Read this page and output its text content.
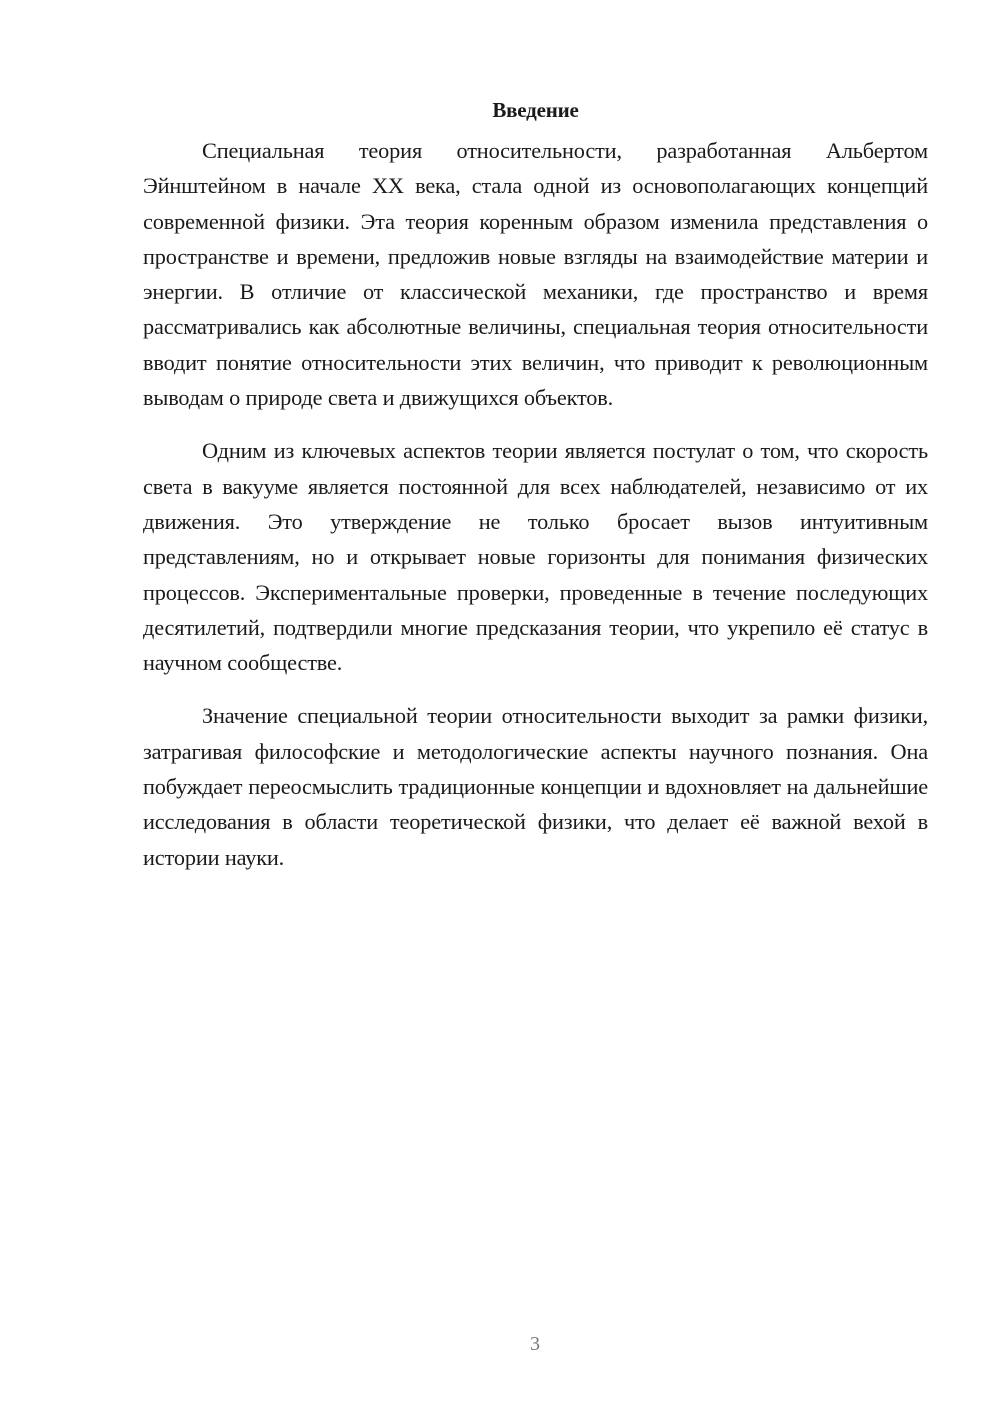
Введение

Специальная теория относительности, разработанная Альбертом Эйнштейном в начале XX века, стала одной из основополагающих концепций современной физики. Эта теория коренным образом изменила представления о пространстве и времени, предложив новые взгляды на взаимодействие материи и энергии. В отличие от классической механики, где пространство и время рассматривались как абсолютные величины, специальная теория относительности вводит понятие относительности этих величин, что приводит к революционным выводам о природе света и движущихся объектов.

Одним из ключевых аспектов теории является постулат о том, что скорость света в вакууме является постоянной для всех наблюдателей, независимо от их движения. Это утверждение не только бросает вызов интуитивным представлениям, но и открывает новые горизонты для понимания физических процессов. Экспериментальные проверки, проведенные в течение последующих десятилетий, подтвердили многие предсказания теории, что укрепило её статус в научном сообществе.

Значение специальной теории относительности выходит за рамки физики, затрагивая философские и методологические аспекты научного познания. Она побуждает переосмыслить традиционные концепции и вдохновляет на дальнейшие исследования в области теоретической физики, что делает её важной вехой в истории науки.

3
